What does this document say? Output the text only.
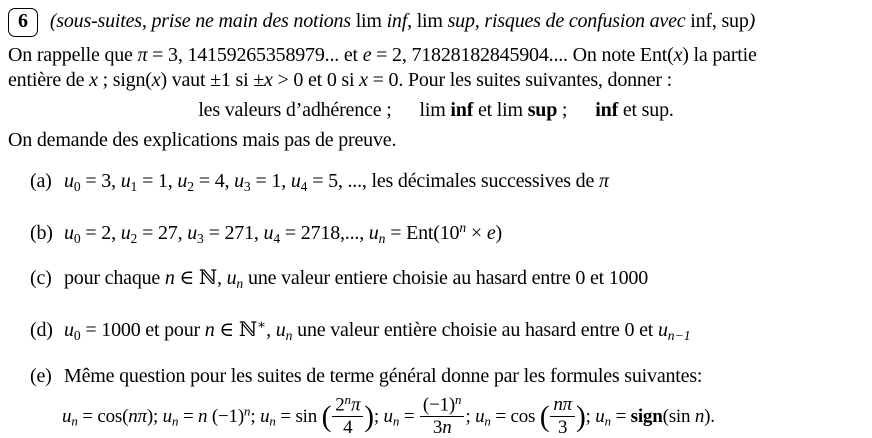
6 (sous-suites, prise ne main des notions lim inf, lim sup, risques de confusion avec inf, sup)
On rappelle que π = 3, 14159265358979... et e = 2, 71828182845904.... On note Ent(x) la partie
entière de x ; sign(x) vaut ±1 si ±x > 0 et 0 si x = 0. Pour les suites suivantes, donner :
les valeurs d’adhérence ; lim inf et lim sup ; inf et sup.
On demande des explications mais pas de preuve.
(a) $u_0 = 3$, $u_1 = 1$, $u_2 = 4$, $u_3 = 1$, $u_4 = 5$, ..., les décimales successives de π
(b) $u_0 = 2$, $u_2 = 27$, $u_3 = 271$, $u_4 = 2718$,..., $u_n = Ent(10^n \times e)$
(c) pour chaque n ∈ ℕ, $u_n$ une valeur entiere choisie au hasard entre 0 et 1000
(d) $u_0 = 1000$ et pour n ∈ ℕ∗, $u_n$ une valeur entière choisie au hasard entre 0 et $u_{n-1}$
(e) Même question pour les suites de terme général donne par les formules suivantes:
$u_n = \cos(n\pi)$; $u_n = n$ $(-1)^n$; $u_n = \sin$ ( $\frac{2^n\pi}{4}$ ); $u_n = \frac{(-1)^n}{3n}$ ; $u_n = \cos$ ( $\frac{n\pi}{3}$ ); $u_n$ = sign(sin n).
